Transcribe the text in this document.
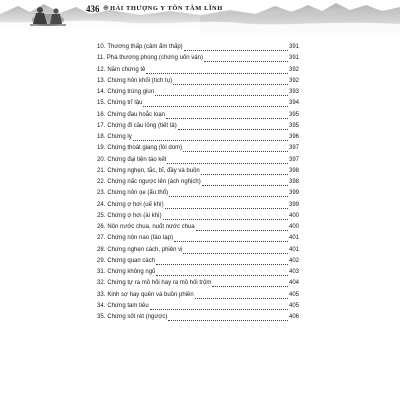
436 ⊕ HẢI THƯỢNG Y TÔN TÂM LĨNH
10. Thương thấp (cảm ẩm thấp)	391
11. Phá thương phong (chứng uốn ván)	391
12. Năm chứng tê	392
13. Chứng hôn khối (tích tụ)	392
14. Chứng trúng giun	393
15. Chứng trĩ lậu	394
16. Chứng đau hoắc loạn	395
17. Chứng đi cầu lỏng (tiết tả)	395
18. Chứng lỵ	396
19. Chứng thoát giang (lòi dom)	397
20. Chứng đại tiện táo kết	397
21. Chứng nghẹn, tắc, bĩ, đầy và buồn	398
22. Chứng nấc ngược lên (ách nghịch)	398
23. Chứng nôn ọe (ẩu thổ)	399
24. Chứng ợ hơi (uế khí)	399
25. Chứng ợ hơi (ái khí)	400
26. Nôn nước chua, nuốt nước chua	400
27. Chứng nôn nao (tào tạp)	401
28. Chứng nghẹn cách, phiên vị	401
29. Chứng quan cách	402
31. Chứng không ngủ	403
32. Chứng tự ra mồ hôi hay ra mồ hôi trộm	404
33. Kinh sợ hay quên và buồn phiền	405
34. Chứng tam tiêu	405
35. Chứng sốt rét (ngược)	406
